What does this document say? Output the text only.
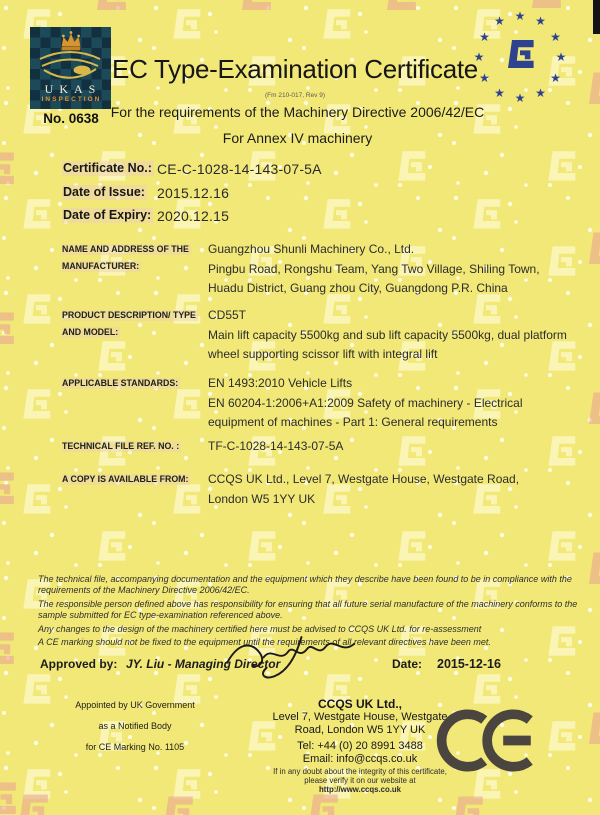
UKAS
INSPECTION
No. 0638
EC Type-Examination Certificate
(Fm 210-017, Rev 9)
For the requirements of the Machinery Directive 2006/42/EC
For Annex IV machinery
★ ★
★
★
★
★
★
★
★
★
★
★
Certificate No.: CE-C-1028-14-143-07-5A
Date of Issue: 2015.12.16
Date of Expiry: 2020.12.15
NAME AND ADDRESS OF THE
MANUFACTURER:
Guangzhou Shunli Machinery Co., Ltd.
Pingbu Road, Rongshu Team, Yang Two Village, Shiling Town,
Huadu District, Guang zhou City, Guangdong P.R. China
PRODUCT DESCRIPTION/ TYPE
AND MODEL:
CD55T
Main lift capacity 5500kg and sub lift capacity 5500kg, dual platform
wheel supporting scissor lift with integral lift
APPLICABLE STANDARDS:	EN 1493:2010 Vehicle Lifts
EN 60204-1:2006+A1:2009 Safety of machinery - Electrical
equipment of machines - Part 1: General requirements
TECHNICAL FILE REF. NO. :	TF-C-1028-14-143-07-5A
A COPY IS AVAILABLE FROM:	CCQS UK Ltd., Level 7, Westgate House, Westgate Road,
London W5 1YY UK
The technical file, accompanying documentation and the equipment which they describe have been found to be in compliance with the requirements of the Machinery Directive 2006/42/EC.
The responsible person defined above has responsibility for ensuring that all future serial manufacture of the machinery conforms to the sample submitted for EC type-examination referenced above.
Any changes to the design of the machinery certified here must be advised to CCQS UK Ltd. for re-assessment
A CE marking should not be fixed to the equipment until the requirements of all relevant directives have been met.
Approved by: JY. Liu - Managing Director	Date: 2015-12-16
Appointed by UK Government
as a Notified Body
for CE Marking No. 1105
CCQS UK Ltd.,
Level 7, Westgate House, Westgate
Road, London W5 1YY UK
Tel: +44 (0) 20 8991 3488
Email: info@ccqs.co.uk
If in any doubt about the integrity of this certificate,
please verify it on our website at
http://www.ccqs.co.uk
